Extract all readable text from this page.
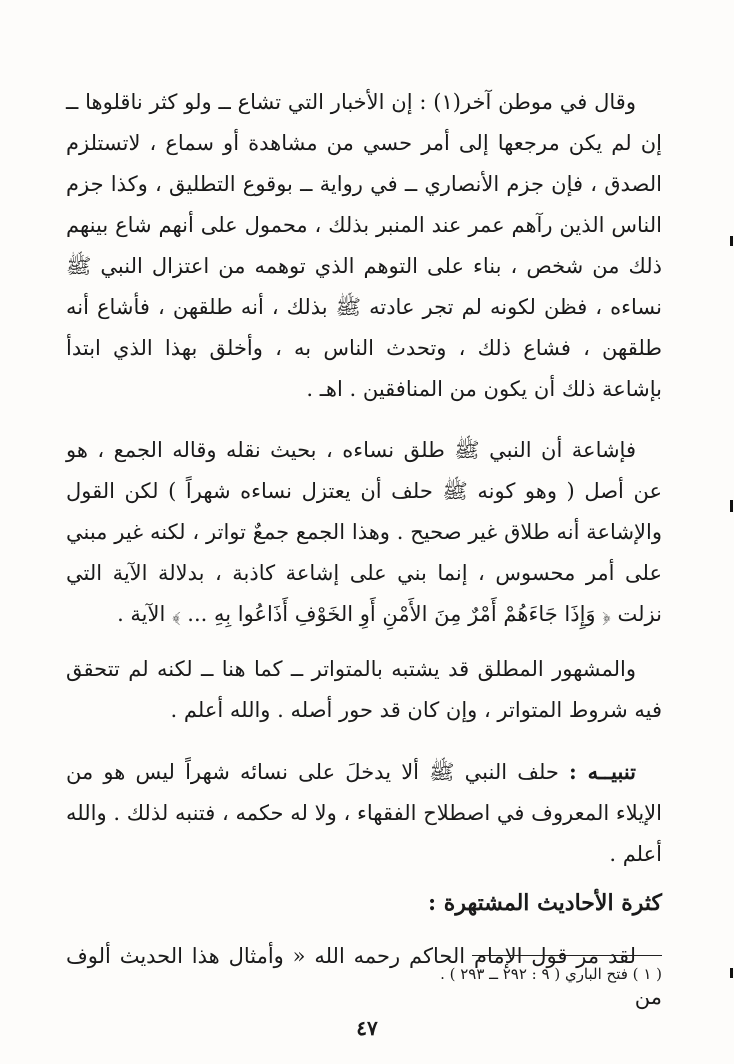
وقال في موطن آخر(١) : إن الأخبار التي تشاع ــ ولو كثر ناقلوها ــ إن لم يكن مرجعها إلى أمر حسي من مشاهدة أو سماع ، لاتستلزم الصدق ، فإن جزم الأنصاري ــ في رواية ــ بوقوع التطليق ، وكذا جزم الناس الذين رآهم عمر عند المنبر بذلك ، محمول على أنهم شاع بينهم ذلك من شخص ، بناء على التوهم الذي توهمه من اعتزال النبي ﷺ نساءه ، فظن لكونه لم تجر عادته ﷺ بذلك ، أنه طلقهن ، فأشاع أنه طلقهن ، فشاع ذلك ، وتحدث الناس به ، وأخلق بهذا الذي ابتدأ بإشاعة ذلك أن يكون من المنافقين . اهـ .

فإشاعة أن النبي ﷺ طلق نساءه ، بحيث نقله وقاله الجمع ، هو عن أصل ( وهو كونه ﷺ حلف أن يعتزل نساءه شهراً ) لكن القول والإشاعة أنه طلاق غير صحيح . وهذا الجمع جمعٌ تواتر ، لكنه غير مبني على أمر محسوس ، إنما بني على إشاعة كاذبة ، بدلالة الآية التي نزلت ﴿ وَإِذَا جَاءَهُمْ أَمْرٌ مِنَ الأَمْنِ أَوِ الخَوْفِ أَذَاعُوا بِهِ ... ﴾ الآية .

والمشهور المطلق قد يشتبه بالمتواتر ــ كما هنا ــ لكنه لم تتحقق فيه شروط المتواتر ، وإن كان قد حور أصله . والله أعلم .

تنبيــه : حلف النبي ﷺ ألا يدخلَ على نسائه شهراً ليس هو من الإيلاء المعروف في اصطلاح الفقهاء ، ولا له حكمه ، فتنبه لذلك . والله أعلم .

كثرة الأحاديث المشتهرة :

لقد مر قول الإمام الحاكم رحمه الله « وأمثال هذا الحديث ألوف من

( ١ ) فتح الباري ( ٩ : ٢٩٢ ــ ٢٩٣ ) .

٤٧
